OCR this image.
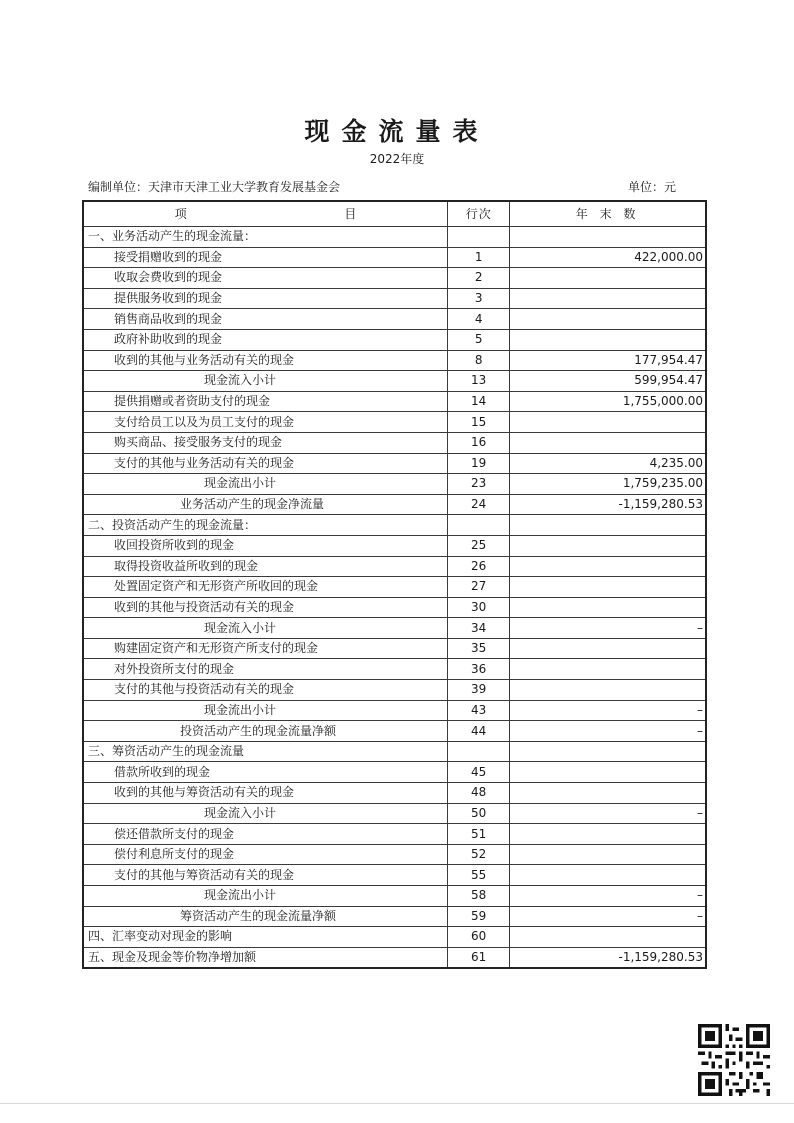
现金流量表
2022年度
编制单位：天津市天津工业大学教育发展基金会	单位：元
项 目	行次	年 末 数
一、业务活动产生的现金流量：		
接受捐赠收到的现金	1	422,000.00
收取会费收到的现金	2	
提供服务收到的现金	3	
销售商品收到的现金	4	
政府补助收到的现金	5	
收到的其他与业务活动有关的现金	8	177,954.47
现金流入小计	13	599,954.47
提供捐赠或者资助支付的现金	14	1,755,000.00
支付给员工以及为员工支付的现金	15	
购买商品、接受服务支付的现金	16	
支付的其他与业务活动有关的现金	19	4,235.00
现金流出小计	23	1,759,235.00
业务活动产生的现金净流量	24	-1,159,280.53
二、投资活动产生的现金流量：		
收回投资所收到的现金	25	
取得投资收益所收到的现金	26	
处置固定资产和无形资产所收回的现金	27	
收到的其他与投资活动有关的现金	30	
现金流入小计	34	–
购建固定资产和无形资产所支付的现金	35	
对外投资所支付的现金	36	
支付的其他与投资活动有关的现金	39	
现金流出小计	43	–
投资活动产生的现金流量净额	44	–
三、筹资活动产生的现金流量		
借款所收到的现金	45	
收到的其他与筹资活动有关的现金	48	
现金流入小计	50	–
偿还借款所支付的现金	51	
偿付利息所支付的现金	52	
支付的其他与筹资活动有关的现金	55	
现金流出小计	58	–
筹资活动产生的现金流量净额	59	–
四、汇率变动对现金的影响	60	
五、现金及现金等价物净增加额	61	-1,159,280.53
